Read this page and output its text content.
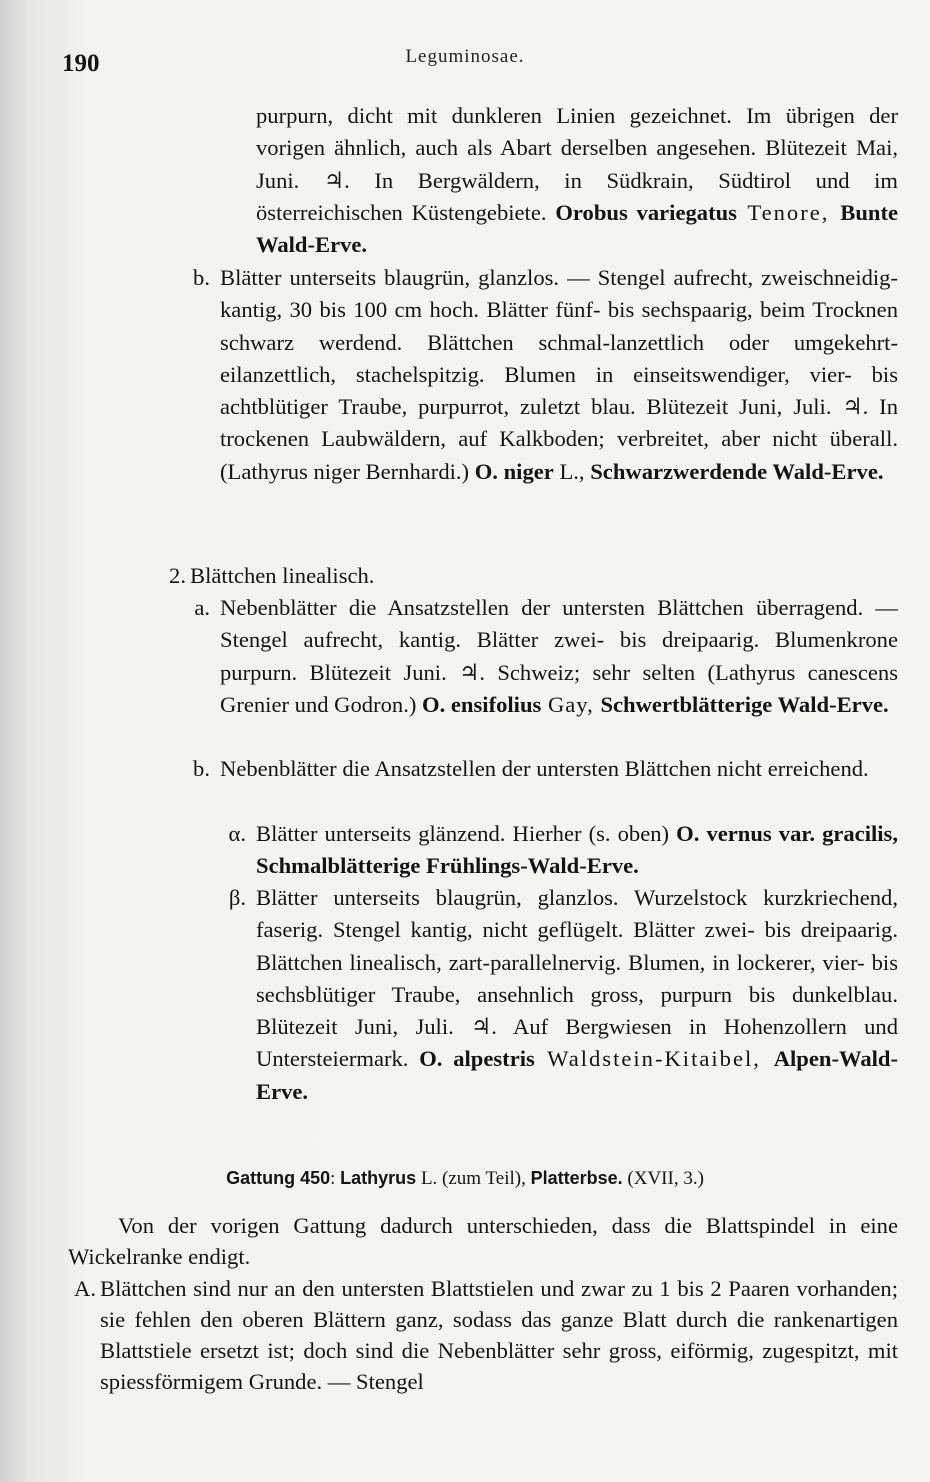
190	Leguminosae.

purpurn, dicht mit dunkleren Linien gezeichnet. Im übrigen der vorigen ähnlich, auch als Abart derselben angesehen. Blütezeit Mai, Juni. ♃. In Bergwäldern, in Südkrain, Südtirol und im österreichischen Küstengebiete. Orobus variegatus Tenore, Bunte Wald-Erve.

b. Blätter unterseits blaugrün, glanzlos. — Stengel aufrecht, zweischneidig-kantig, 30 bis 100 cm hoch. Blätter fünf- bis sechspaarig, beim Trocknen schwarz werdend. Blättchen schmal-lanzettlich oder umgekehrt-eilanzettlich, stachelspitzig. Blumen in einseitswendiger, vier- bis achtblütiger Traube, purpurrot, zuletzt blau. Blütezeit Juni, Juli. ♃. In trockenen Laubwäldern, auf Kalkboden; verbreitet, aber nicht überall. (Lathyrus niger Bernhardi.) O. niger L., Schwarzwerdende Wald-Erve.

2. Blättchen linealisch.

a. Nebenblätter die Ansatzstellen der untersten Blättchen überragend. — Stengel aufrecht, kantig. Blätter zwei- bis dreipaarig. Blumenkrone purpurn. Blütezeit Juni. ♃. Schweiz; sehr selten (Lathyrus canescens Grenier und Godron.) O. ensifolius Gay, Schwertblätterige Wald-Erve.

b. Nebenblätter die Ansatzstellen der untersten Blättchen nicht erreichend.

α. Blätter unterseits glänzend. Hierher (s. oben) O. vernus var. gracilis, Schmalblätterige Frühlings-Wald-Erve.

β. Blätter unterseits blaugrün, glanzlos. Wurzelstock kurzkriechend, faserig. Stengel kantig, nicht geflügelt. Blätter zwei- bis dreipaarig. Blättchen linealisch, zart-parallelnervig. Blumen, in lockerer, vier- bis sechsblütiger Traube, ansehnlich gross, purpurn bis dunkelblau. Blütezeit Juni, Juli. ♃. Auf Bergwiesen in Hohenzollern und Untersteiermark. O. alpestris Waldstein-Kitaibel, Alpen-Wald-Erve.

Gattung 450: Lathyrus L. (zum Teil), Platterbse. (XVII, 3.)

Von der vorigen Gattung dadurch unterschieden, dass die Blattspindel in eine Wickelranke endigt.

A. Blättchen sind nur an den untersten Blattstielen und zwar zu 1 bis 2 Paaren vorhanden; sie fehlen den oberen Blättern ganz, sodass das ganze Blatt durch die rankenartigen Blattstiele ersetzt ist; doch sind die Nebenblätter sehr gross, eiförmig, zugespitzt, mit spiessförmigem Grunde. — Stengel
